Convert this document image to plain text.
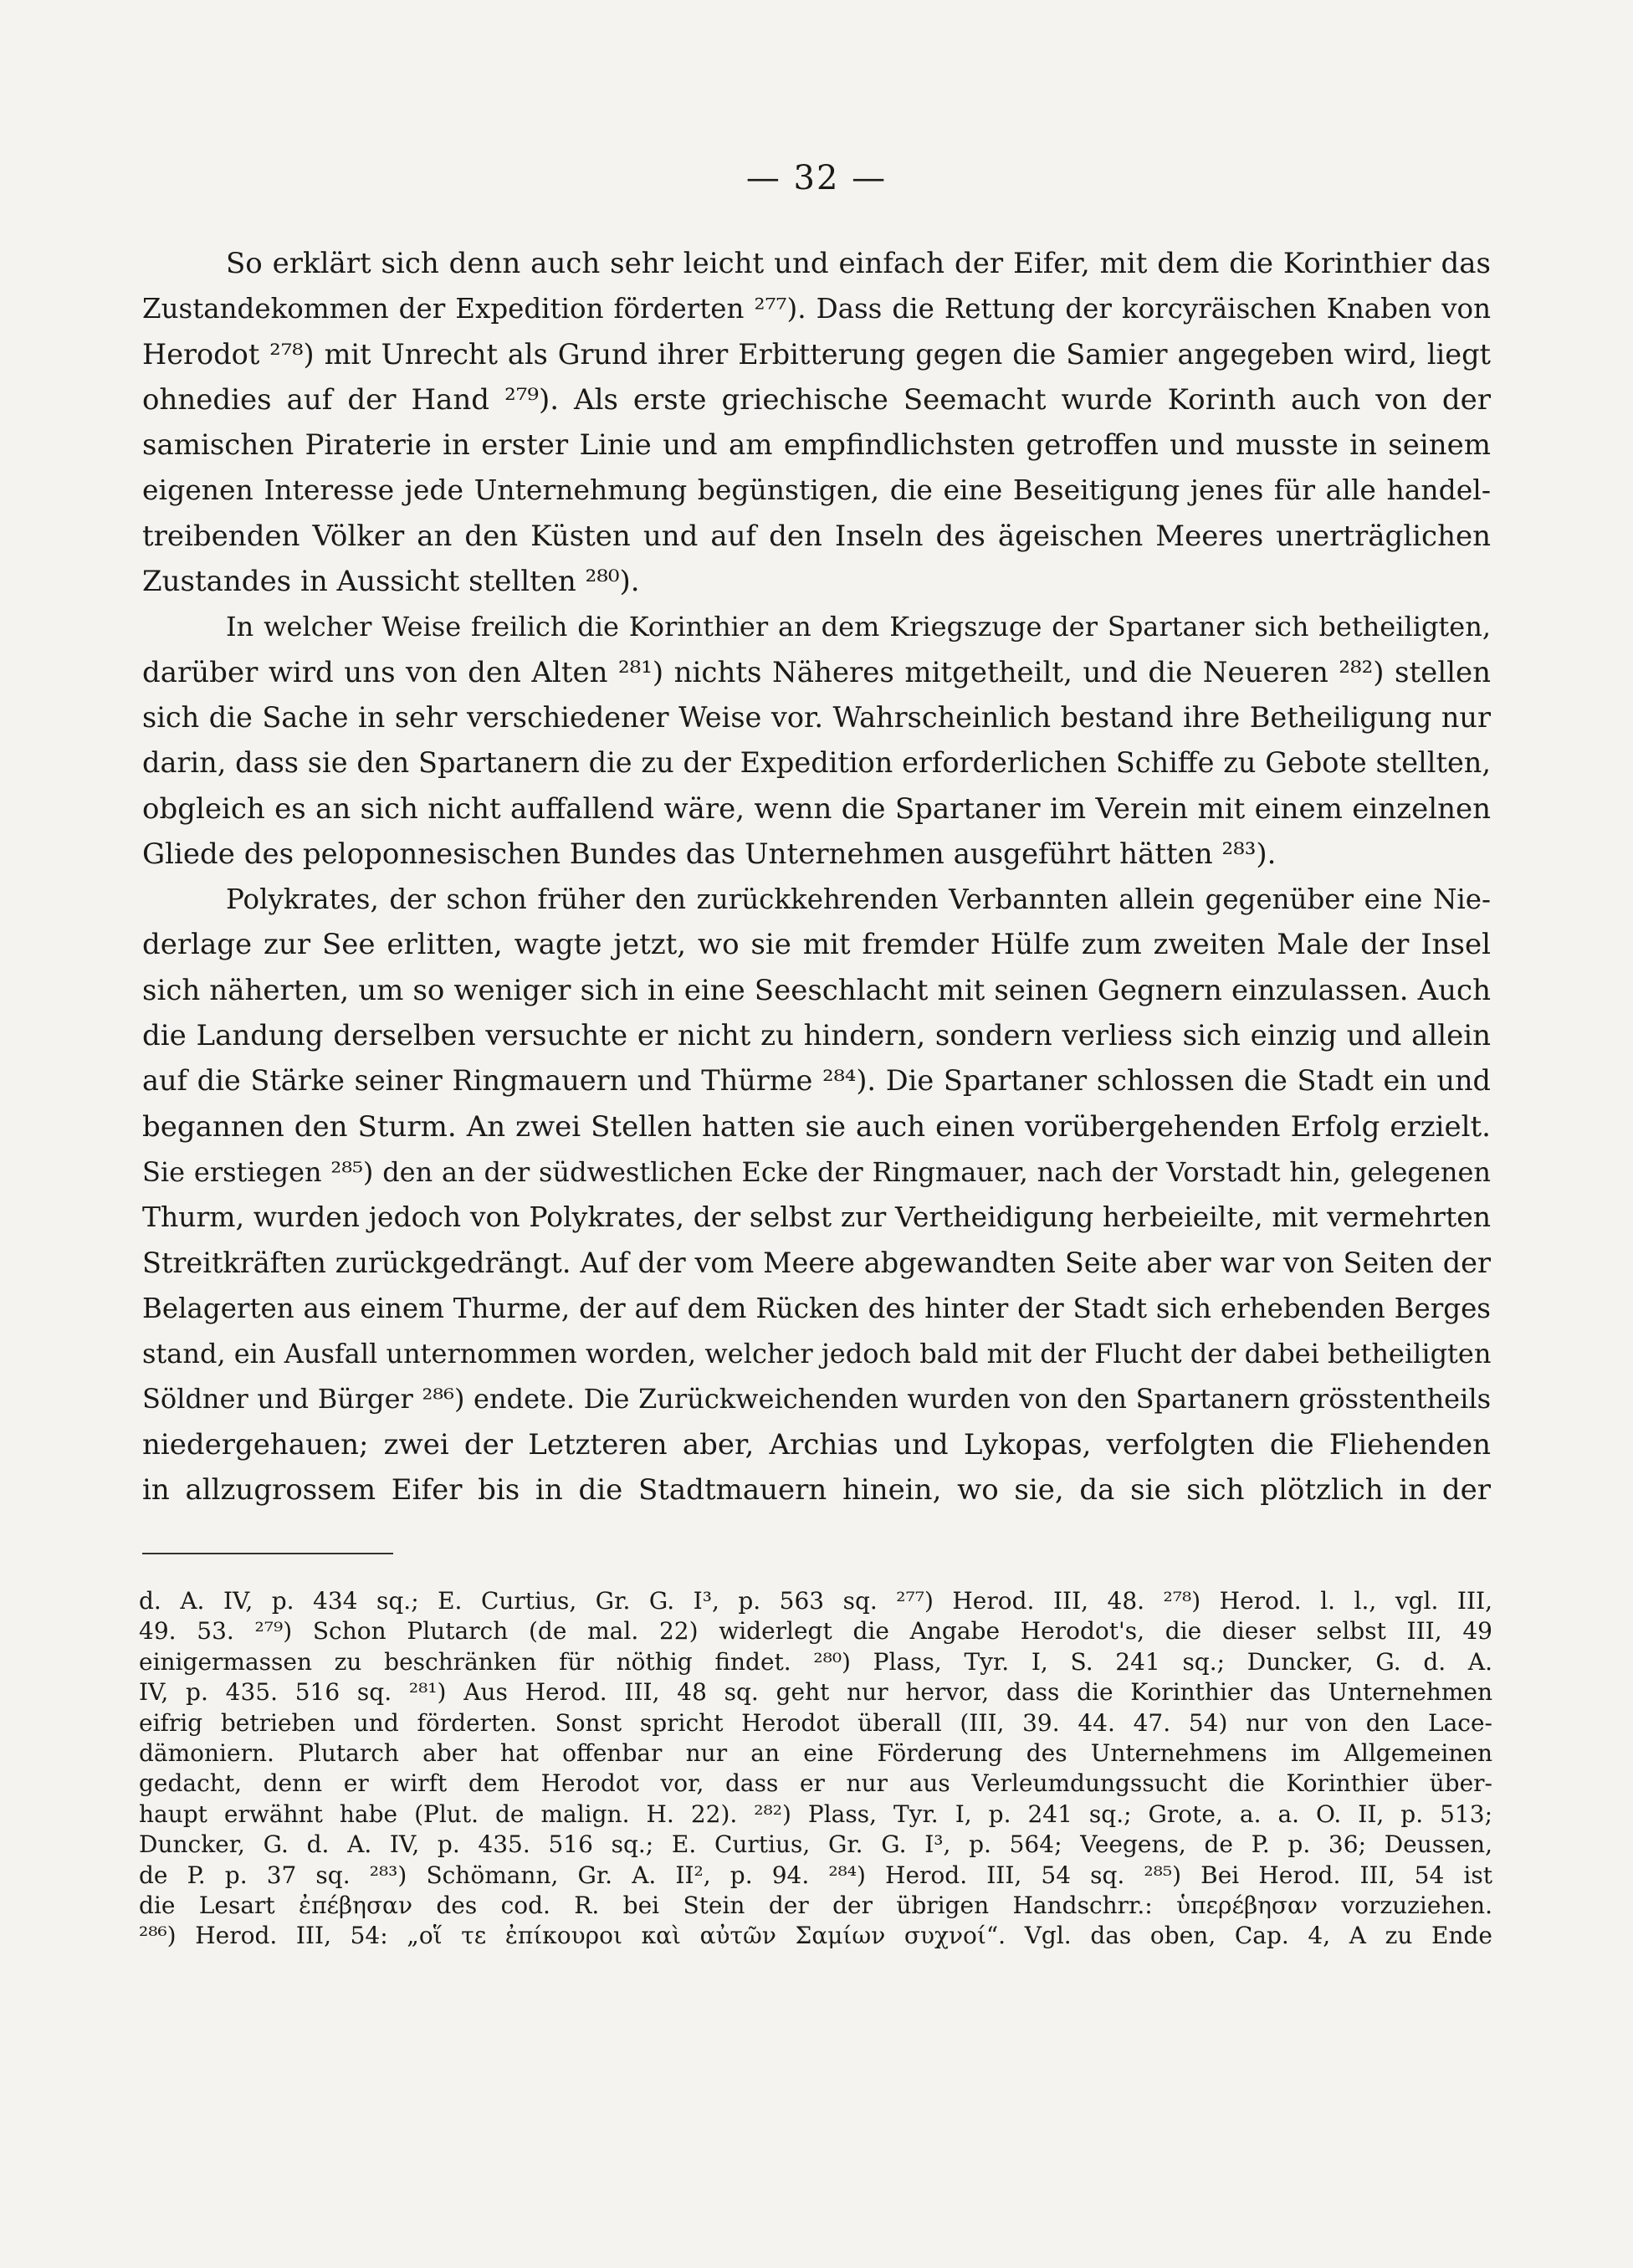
— 32 —
So erklärt sich denn auch sehr leicht und einfach der Eifer, mit dem die Korinthier das
Zustandekommen der Expedition förderten ²⁷⁷). Dass die Rettung der korcyräischen Knaben von
Herodot ²⁷⁸) mit Unrecht als Grund ihrer Erbitterung gegen die Samier angegeben wird, liegt
ohnedies auf der Hand ²⁷⁹). Als erste griechische Seemacht wurde Korinth auch von der
samischen Piraterie in erster Linie und am empfindlichsten getroffen und musste in seinem
eigenen Interesse jede Unternehmung begünstigen, die eine Beseitigung jenes für alle handel-
treibenden Völker an den Küsten und auf den Inseln des ägeischen Meeres unerträglichen
Zustandes in Aussicht stellten ²⁸⁰).
In welcher Weise freilich die Korinthier an dem Kriegszuge der Spartaner sich betheiligten,
darüber wird uns von den Alten ²⁸¹) nichts Näheres mitgetheilt, und die Neueren ²⁸²) stellen
sich die Sache in sehr verschiedener Weise vor. Wahrscheinlich bestand ihre Betheiligung nur
darin, dass sie den Spartanern die zu der Expedition erforderlichen Schiffe zu Gebote stellten,
obgleich es an sich nicht auffallend wäre, wenn die Spartaner im Verein mit einem einzelnen
Gliede des peloponnesischen Bundes das Unternehmen ausgeführt hätten ²⁸³).
Polykrates, der schon früher den zurückkehrenden Verbannten allein gegenüber eine Nie-
derlage zur See erlitten, wagte jetzt, wo sie mit fremder Hülfe zum zweiten Male der Insel
sich näherten, um so weniger sich in eine Seeschlacht mit seinen Gegnern einzulassen. Auch
die Landung derselben versuchte er nicht zu hindern, sondern verliess sich einzig und allein
auf die Stärke seiner Ringmauern und Thürme ²⁸⁴). Die Spartaner schlossen die Stadt ein und
begannen den Sturm. An zwei Stellen hatten sie auch einen vorübergehenden Erfolg erzielt.
Sie erstiegen ²⁸⁵) den an der südwestlichen Ecke der Ringmauer, nach der Vorstadt hin, gelegenen
Thurm, wurden jedoch von Polykrates, der selbst zur Vertheidigung herbeieilte, mit vermehrten
Streitkräften zurückgedrängt. Auf der vom Meere abgewandten Seite aber war von Seiten der
Belagerten aus einem Thurme, der auf dem Rücken des hinter der Stadt sich erhebenden Berges
stand, ein Ausfall unternommen worden, welcher jedoch bald mit der Flucht der dabei betheiligten
Söldner und Bürger ²⁸⁶) endete. Die Zurückweichenden wurden von den Spartanern grösstentheils
niedergehauen; zwei der Letzteren aber, Archias und Lykopas, verfolgten die Fliehenden
in allzugrossem Eifer bis in die Stadtmauern hinein, wo sie, da sie sich plötzlich in der
d. A. IV, p. 434 sq.; E. Curtius, Gr. G. I³, p. 563 sq. ²⁷⁷) Herod. III, 48. ²⁷⁸) Herod. l. l., vgl. III,
49. 53. ²⁷⁹) Schon Plutarch (de mal. 22) widerlegt die Angabe Herodot's, die dieser selbst III, 49
einigermassen zu beschränken für nöthig findet. ²⁸⁰) Plass, Tyr. I, S. 241 sq.; Duncker, G. d. A.
IV, p. 435. 516 sq. ²⁸¹) Aus Herod. III, 48 sq. geht nur hervor, dass die Korinthier das Unternehmen
eifrig betrieben und förderten. Sonst spricht Herodot überall (III, 39. 44. 47. 54) nur von den Lace-
dämoniern. Plutarch aber hat offenbar nur an eine Förderung des Unternehmens im Allgemeinen
gedacht, denn er wirft dem Herodot vor, dass er nur aus Verleumdungssucht die Korinthier über-
haupt erwähnt habe (Plut. de malign. H. 22). ²⁸²) Plass, Tyr. I, p. 241 sq.; Grote, a. a. O. II, p. 513;
Duncker, G. d. A. IV, p. 435. 516 sq.; E. Curtius, Gr. G. I³, p. 564; Veegens, de P. p. 36; Deussen,
de P. p. 37 sq. ²⁸³) Schömann, Gr. A. II², p. 94. ²⁸⁴) Herod. III, 54 sq. ²⁸⁵) Bei Herod. III, 54 ist
die Lesart ἐπέβησαν des cod. R. bei Stein der der übrigen Handschrr.: ὑπερέβησαν vorzuziehen.
²⁸⁶) Herod. III, 54: „οἵ τε ἐπίκουροι καὶ αὐτῶν Σαμίων συχνοί“. Vgl. das oben, Cap. 4, A zu Ende
